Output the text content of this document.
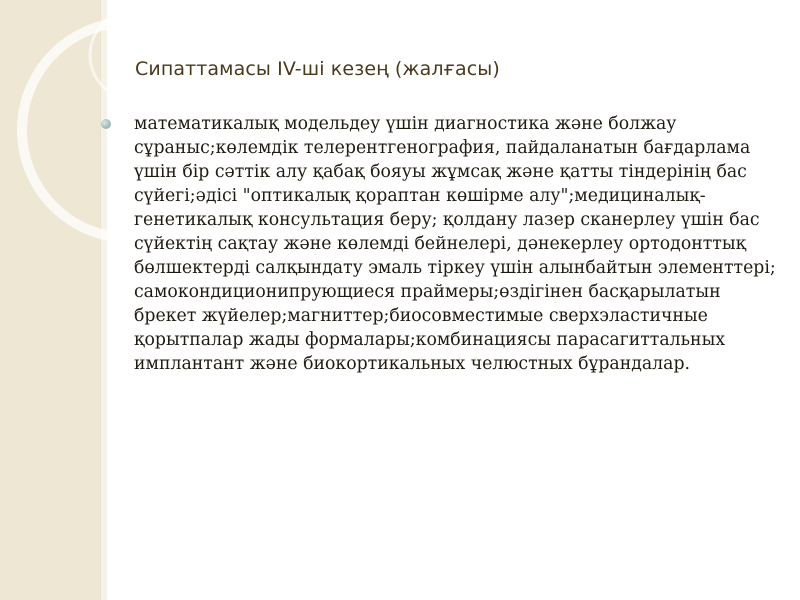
Сипаттамасы IV-ші кезең (жалғасы)
математикалық модельдеу үшін диагностика және болжау сұраныс;көлемдік телерентгенография, пайдаланатын бағдарлама үшін бір сәттік алу қабақ бояуы жұмсақ және қатты тіндерінің бас сүйегі;әдісі "оптикалық қораптан көшірме алу";медициналық-генетикалық консультация беру; қолдану лазер сканерлеу үшін бас сүйектің сақтау және көлемді бейнелері, дәнекерлеу ортодонттық бөлшектерді салқындату эмаль тіркеу үшін алынбайтын элементтері; самокондиционипрующиеся праймеры;өздігінен басқарылатын брекет жүйелер;магниттер;биосовместимые сверхэластичные қорытпалар жады формалары;комбинациясы парасагиттальных имплантант және биокортикальных челюстных бұрандалар.
